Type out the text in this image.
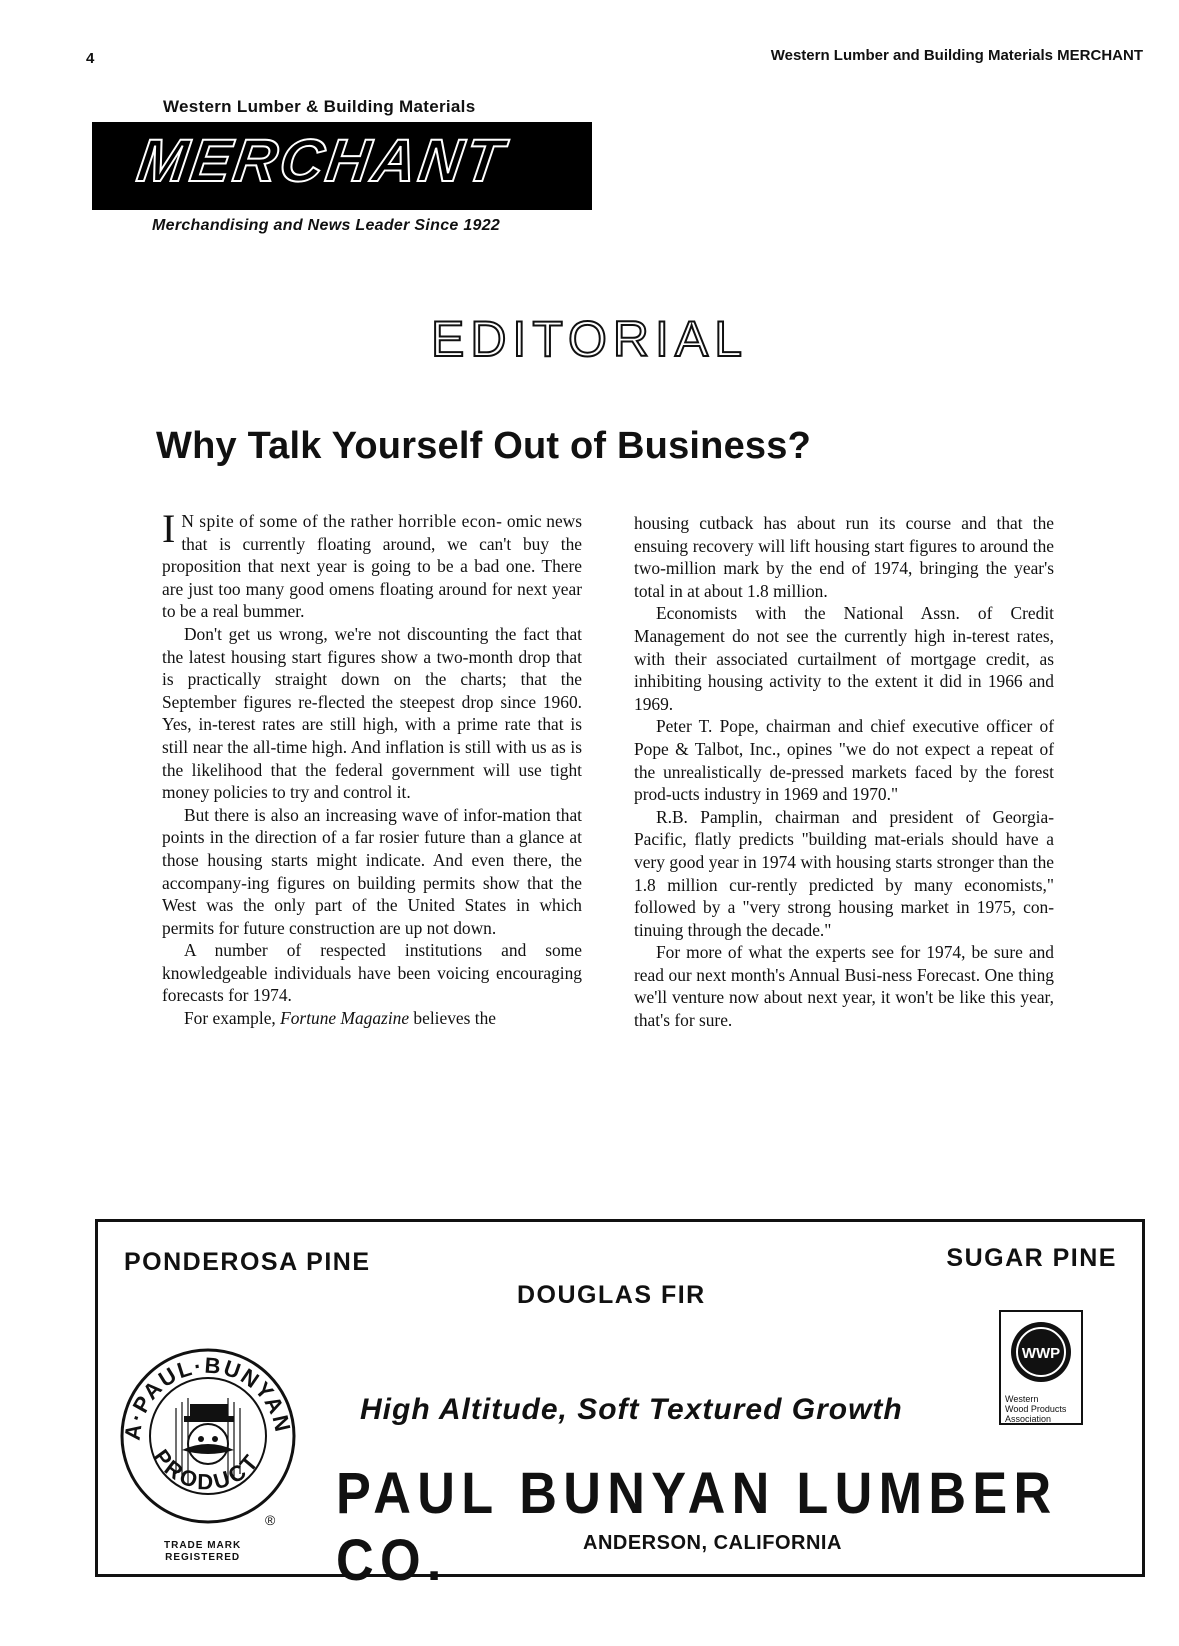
4	Western Lumber and Building Materials MERCHANT
Western Lumber & Building Materials
MERCHANT
Merchandising and News Leader Since 1922
EDITORIAL
Why Talk Yourself Out of Business?

I N spite of some of the rather horrible econ- omic news that is currently floating around, we can't buy the proposition that next year is going to be a bad one. There are just too many good omens floating around for next year to be a real bummer.

Don't get us wrong, we're not discounting the fact that the latest housing start figures show a two-month drop that is practically straight down on the charts; that the September figures re-flected the steepest drop since 1960. Yes, in-terest rates are still high, with a prime rate that is still near the all-time high. And inflation is still with us as is the likelihood that the federal government will use tight money policies to try and control it.

But there is also an increasing wave of infor-mation that points in the direction of a far rosier future than a glance at those housing starts might indicate. And even there, the accompany-ing figures on building permits show that the West was the only part of the United States in which permits for future construction are up not down.

A number of respected institutions and some knowledgeable individuals have been voicing encouraging forecasts for 1974.

For example, Fortune Magazine believes the

housing cutback has about run its course and that the ensuing recovery will lift housing start figures to around the two-million mark by the end of 1974, bringing the year's total in at about 1.8 million.

Economists with the National Assn. of Credit Management do not see the currently high in-terest rates, with their associated curtailment of mortgage credit, as inhibiting housing activity to the extent it did in 1966 and 1969.

Peter T. Pope, chairman and chief executive officer of Pope & Talbot, Inc., opines "we do not expect a repeat of the unrealistically de-pressed markets faced by the forest prod-ucts industry in 1969 and 1970."

R.B. Pamplin, chairman and president of Georgia-Pacific, flatly predicts "building mat-erials should have a very good year in 1974 with housing starts stronger than the 1.8 million cur-rently predicted by many economists," followed by a "very strong housing market in 1975, con-tinuing through the decade."

For more of what the experts see for 1974, be sure and read our next month's Annual Busi-ness Forecast. One thing we'll venture now about next year, it won't be like this year, that's for sure.

PONDEROSA PINE	SUGAR PINE
DOUGLAS FIR
High Altitude, Soft Textured Growth
PAUL BUNYAN LUMBER CO.	ANDERSON, CALIFORNIA
TRADE MARK
REGISTERED
A·PAUL·BUNYAN
PRODUCT
®
WWP
Western
Wood Products
Association
